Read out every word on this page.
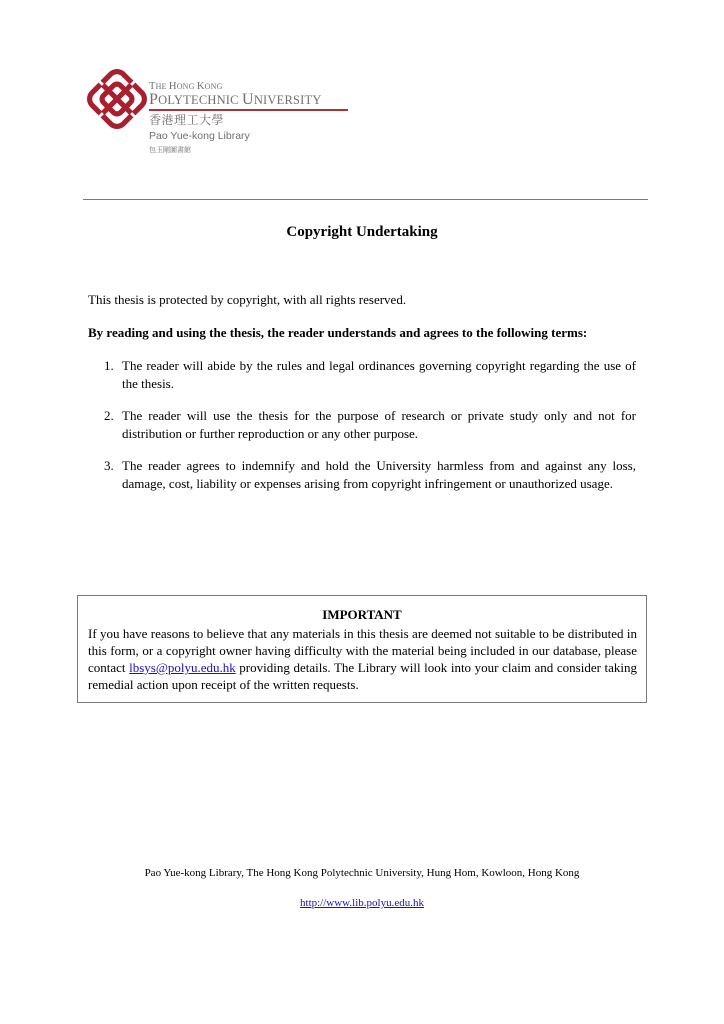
THE HONG KONG
POLYTECHNIC UNIVERSITY
香港理工大學
Pao Yue-kong Library
包玉剛圖書館
Copyright Undertaking
This thesis is protected by copyright, with all rights reserved.
By reading and using the thesis, the reader understands and agrees to the following terms:
1. The reader will abide by the rules and legal ordinances governing copyright regarding the use of the thesis.
2. The reader will use the thesis for the purpose of research or private study only and not for distribution or further reproduction or any other purpose.
3. The reader agrees to indemnify and hold the University harmless from and against any loss, damage, cost, liability or expenses arising from copyright infringement or unauthorized usage.
IMPORTANT
If you have reasons to believe that any materials in this thesis are deemed not suitable to be distributed in this form, or a copyright owner having difficulty with the material being included in our database, please contact lbsys@polyu.edu.hk providing details. The Library will look into your claim and consider taking remedial action upon receipt of the written requests.
Pao Yue-kong Library, The Hong Kong Polytechnic University, Hung Hom, Kowloon, Hong Kong
http://www.lib.polyu.edu.hk
